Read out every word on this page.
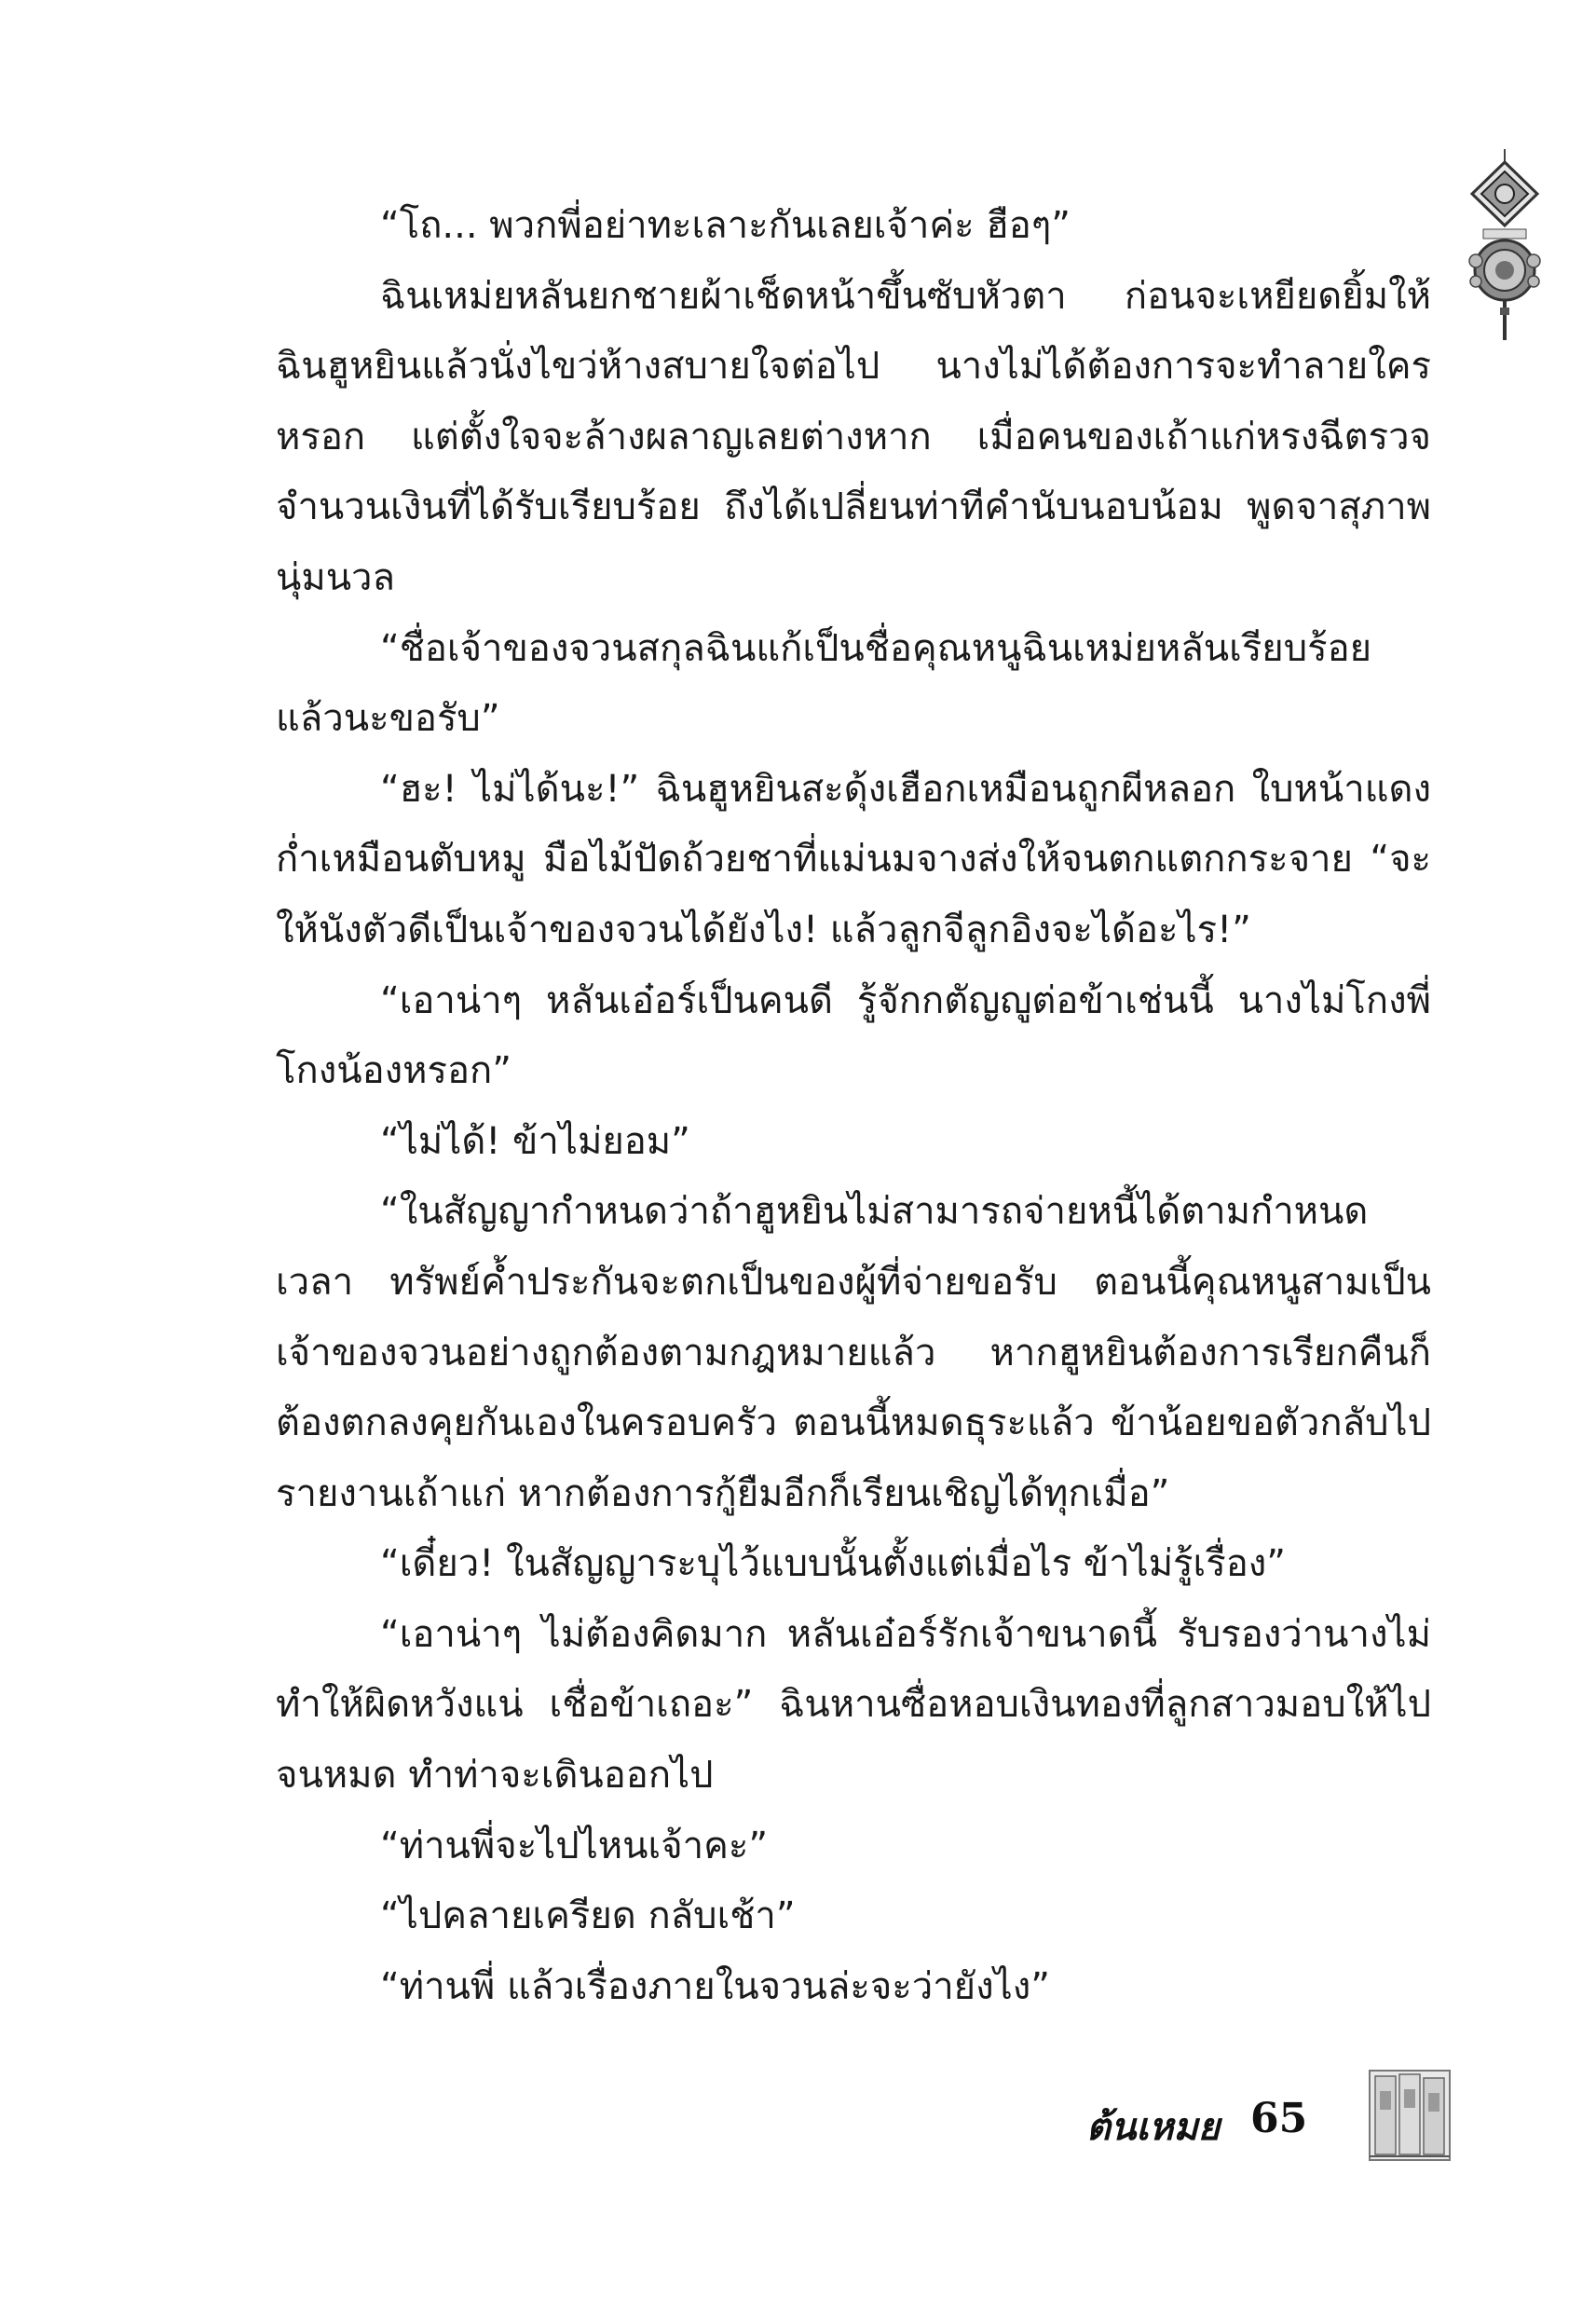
“โถ... พวกพี่อย่าทะเลาะกันเลยเจ้าค่ะ ฮือๆ”

ฉินเหม่ยหลันยกชายผ้าเช็ดหน้าขึ้นซับหัวตา ก่อนจะเหยียดยิ้มให้ฉินฮูหยินแล้วนั่งไขว่ห้างสบายใจต่อไป นางไม่ได้ต้องการจะทำลายใครหรอก แต่ตั้งใจจะล้างผลาญเลยต่างหาก เมื่อคนของเถ้าแก่หรงฉีตรวจจำนวนเงินที่ได้รับเรียบร้อย ถึงได้เปลี่ยนท่าทีคำนับนอบน้อม พูดจาสุภาพนุ่มนวล

“ชื่อเจ้าของจวนสกุลฉินแก้เป็นชื่อคุณหนูฉินเหม่ยหลันเรียบร้อยแล้วนะขอรับ”

“ฮะ! ไม่ได้นะ!” ฉินฮูหยินสะดุ้งเฮือกเหมือนถูกผีหลอก ใบหน้าแดงก่ำเหมือนตับหมู มือไม้ปัดถ้วยชาที่แม่นมจางส่งให้จนตกแตกกระจาย “จะให้นังตัวดีเป็นเจ้าของจวนได้ยังไง! แล้วลูกจีลูกอิงจะได้อะไร!”

“เอาน่าๆ หลันเอ๋อร์เป็นคนดี รู้จักกตัญญูต่อข้าเช่นนี้ นางไม่โกงพี่โกงน้องหรอก”

“ไม่ได้! ข้าไม่ยอม”

“ในสัญญากำหนดว่าถ้าฮูหยินไม่สามารถจ่ายหนี้ได้ตามกำหนดเวลา ทรัพย์ค้ำประกันจะตกเป็นของผู้ที่จ่ายขอรับ ตอนนี้คุณหนูสามเป็นเจ้าของจวนอย่างถูกต้องตามกฎหมายแล้ว หากฮูหยินต้องการเรียกคืนก็ต้องตกลงคุยกันเองในครอบครัว ตอนนี้หมดธุระแล้ว ข้าน้อยขอตัวกลับไปรายงานเถ้าแก่ หากต้องการกู้ยืมอีกก็เรียนเชิญได้ทุกเมื่อ”

“เดี๋ยว! ในสัญญาระบุไว้แบบนั้นตั้งแต่เมื่อไร ข้าไม่รู้เรื่อง”

“เอาน่าๆ ไม่ต้องคิดมาก หลันเอ๋อร์รักเจ้าขนาดนี้ รับรองว่านางไม่ทำให้ผิดหวังแน่ เชื่อข้าเถอะ” ฉินหานซื่อหอบเงินทองที่ลูกสาวมอบให้ไปจนหมด ทำท่าจะเดินออกไป

“ท่านพี่จะไปไหนเจ้าคะ”

“ไปคลายเครียด กลับเช้า”

“ท่านพี่ แล้วเรื่องภายในจวนล่ะจะว่ายังไง”

ต้นเหมย 65
